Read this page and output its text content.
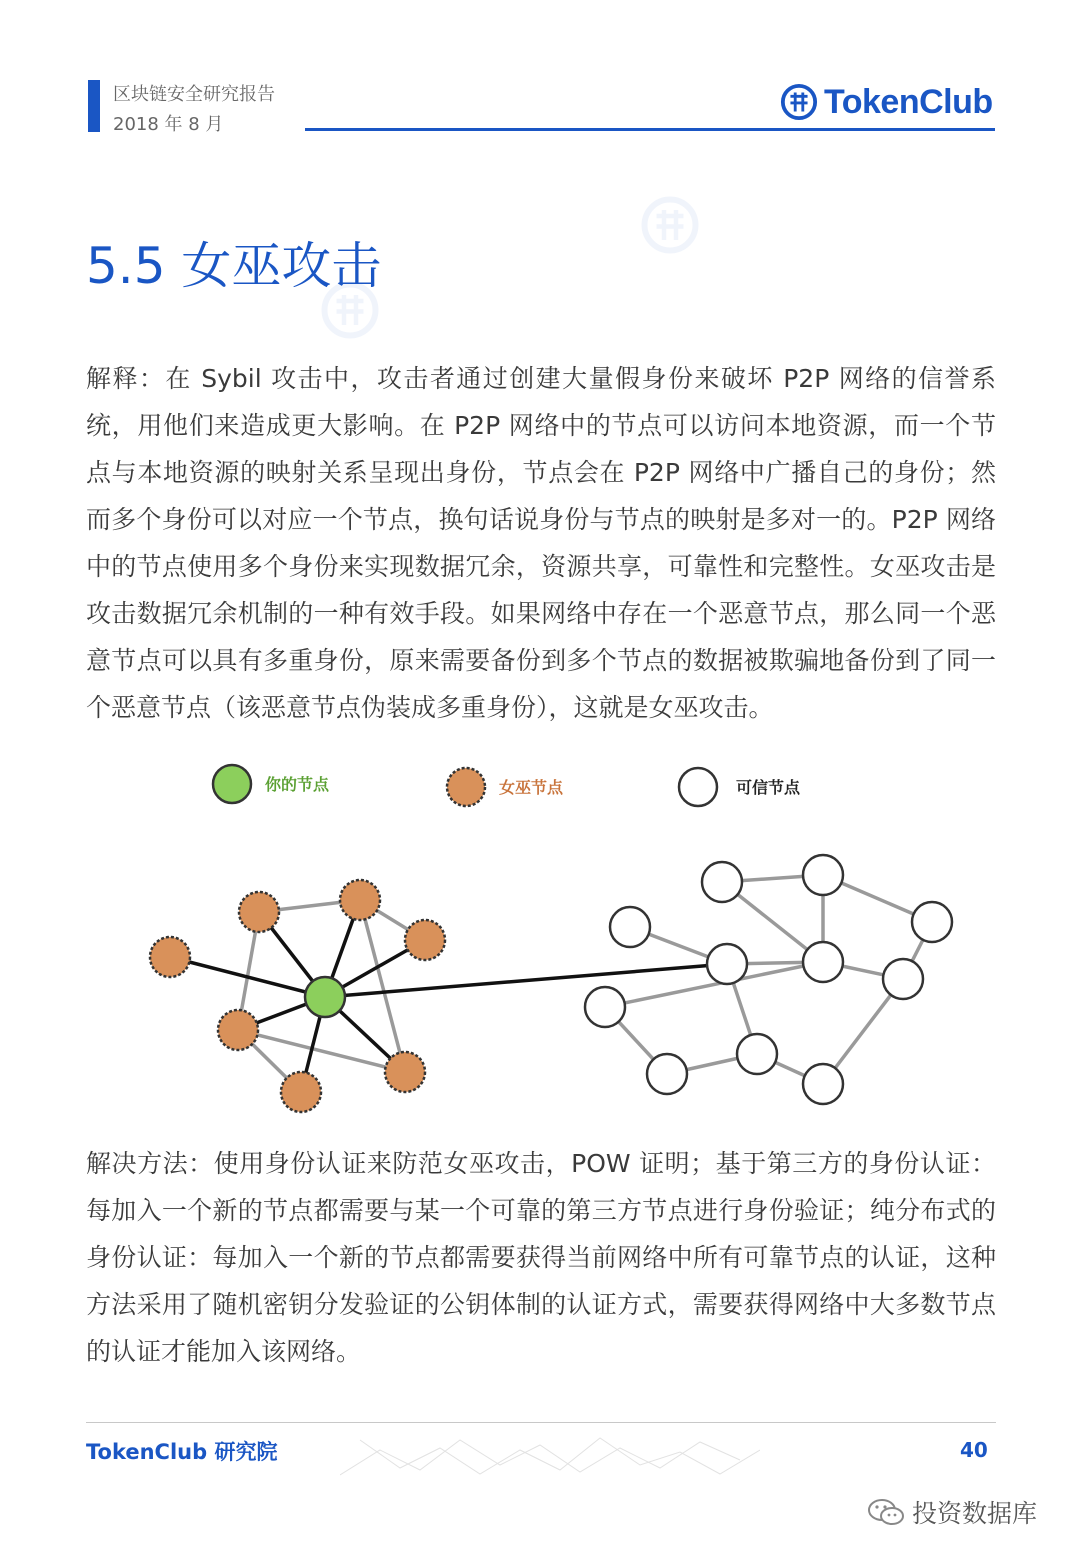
区块链安全研究报告
2018 年 8 月
TokenClub
5.5 女巫攻击

解释：在 Sybil 攻击中，攻击者通过创建大量假身份来破坏 P2P 网络的信誉系统，用他们来造成更大影响。在 P2P 网络中的节点可以访问本地资源，而一个节点与本地资源的映射关系呈现出身份，节点会在 P2P 网络中广播自己的身份；然而多个身份可以对应一个节点，换句话说身份与节点的映射是多对一的。P2P 网络中的节点使用多个身份来实现数据冗余，资源共享，可靠性和完整性。女巫攻击是攻击数据冗余机制的一种有效手段。如果网络中存在一个恶意节点，那么同一个恶意节点可以具有多重身份，原来需要备份到多个节点的数据被欺骗地备份到了同一个恶意节点（该恶意节点伪装成多重身份），这就是女巫攻击。

你的节点	女巫节点	可信节点

解决方法：使用身份认证来防范女巫攻击，POW 证明；基于第三方的身份认证：每加入一个新的节点都需要与某一个可靠的第三方节点进行身份验证；纯分布式的身份认证：每加入一个新的节点都需要获得当前网络中所有可靠节点的认证，这种方法采用了随机密钥分发验证的公钥体制的认证方式，需要获得网络中大多数节点的认证才能加入该网络。

TokenClub 研究院	40
投资数据库
